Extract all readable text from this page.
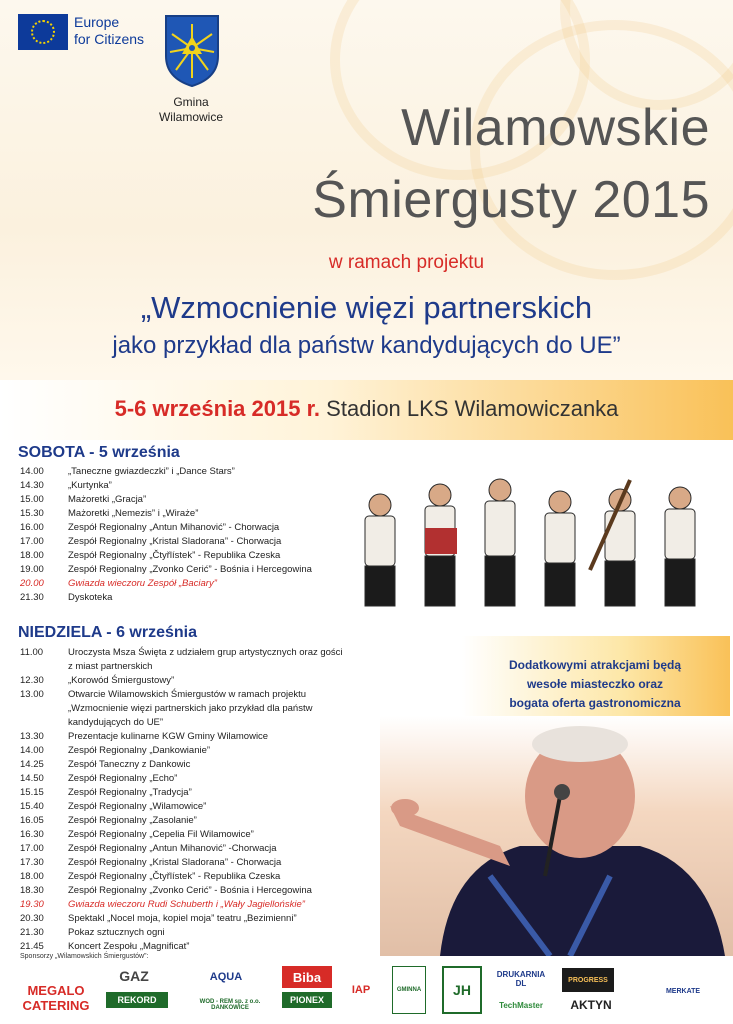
Europe
for Citizens
Gmina
Wilamowice	Wilamowskie
Śmiergusty 2015
w ramach projektu
„Wzmocnienie więzi partnerskich
jako przykład dla państw kandydujących do UE”
5-6 września 2015 r. Stadion LKS Wilamowiczanka
SOBOTA - 5 września
14.00	„Taneczne gwiazdeczki” i „Dance Stars”
14.30	„Kurtynka”
15.00	Mażoretki „Gracja”
15.30	Mażoretki „Nemezis” i „Wiraże”
16.00	Zespół Regionalny „Antun Mihanović” - Chorwacja
17.00	Zespół Regionalny „Kristal Sladorana” - Chorwacja
18.00	Zespół Regionalny „Čtyřlístek” - Republika Czeska
19.00	Zespół Regionalny „Zvonko Cerić” - Bośnia i Hercegowina
20.00	Gwiazda wieczoru Zespół „Baciary”
21.30	Dyskoteka
NIEDZIELA - 6 września
11.00	Uroczysta Msza Święta z udziałem grup artystycznych oraz gości
z miast partnerskich
12.30	„Korowód Śmiergustowy”
13.00	Otwarcie Wilamowskich Śmiergustów w ramach projektu
„Wzmocnienie więzi partnerskich jako przykład dla państw
kandydujących do UE”
13.30	Prezentacje kulinarne KGW Gminy Wilamowice
14.00	Zespół Regionalny „Dankowianie”
14.25	Zespół Taneczny z Dankowic
14.50	Zespół Regionalny „Echo”
15.15	Zespół Regionalny „Tradycja”
15.40	Zespół Regionalny „Wilamowice”
16.05	Zespół Regionalny „Zasolanie”
16.30	Zespół Regionalny „Cepelia Fil Wilamowice”
17.00	Zespół Regionalny „Antun Mihanović” -Chorwacja
17.30	Zespół Regionalny „Kristal Sladorana” - Chorwacja
18.00	Zespół Regionalny „Čtyřlístek” - Republika Czeska
18.30	Zespół Regionalny „Zvonko Cerić” - Bośnia i Hercegowina
19.30	Gwiazda wieczoru Rudi Schuberth i „Wały Jagiellońskie”
20.30	Spektakl „Nocel moja, kopiel moja” teatru „Bezimienni”
21.30	Pokaz sztucznych ogni
21.45	Koncert Zespołu „Magnificat”
Dodatkowymi atrakcjami będą
wesołe miasteczko oraz
bogata oferta gastronomiczna
Sponsorzy „Wilamowskich Śmiergustów”:
MEGALO CATERING
GAZ
REKORD
AQUA
WOD - REM sp. z o.o. DANKOWICE
Biba
PIONEX
IAP	GMINNA	JH
DRUKARNIA DL
TechMaster
PROGRESS
AKTYN
MERKATE
